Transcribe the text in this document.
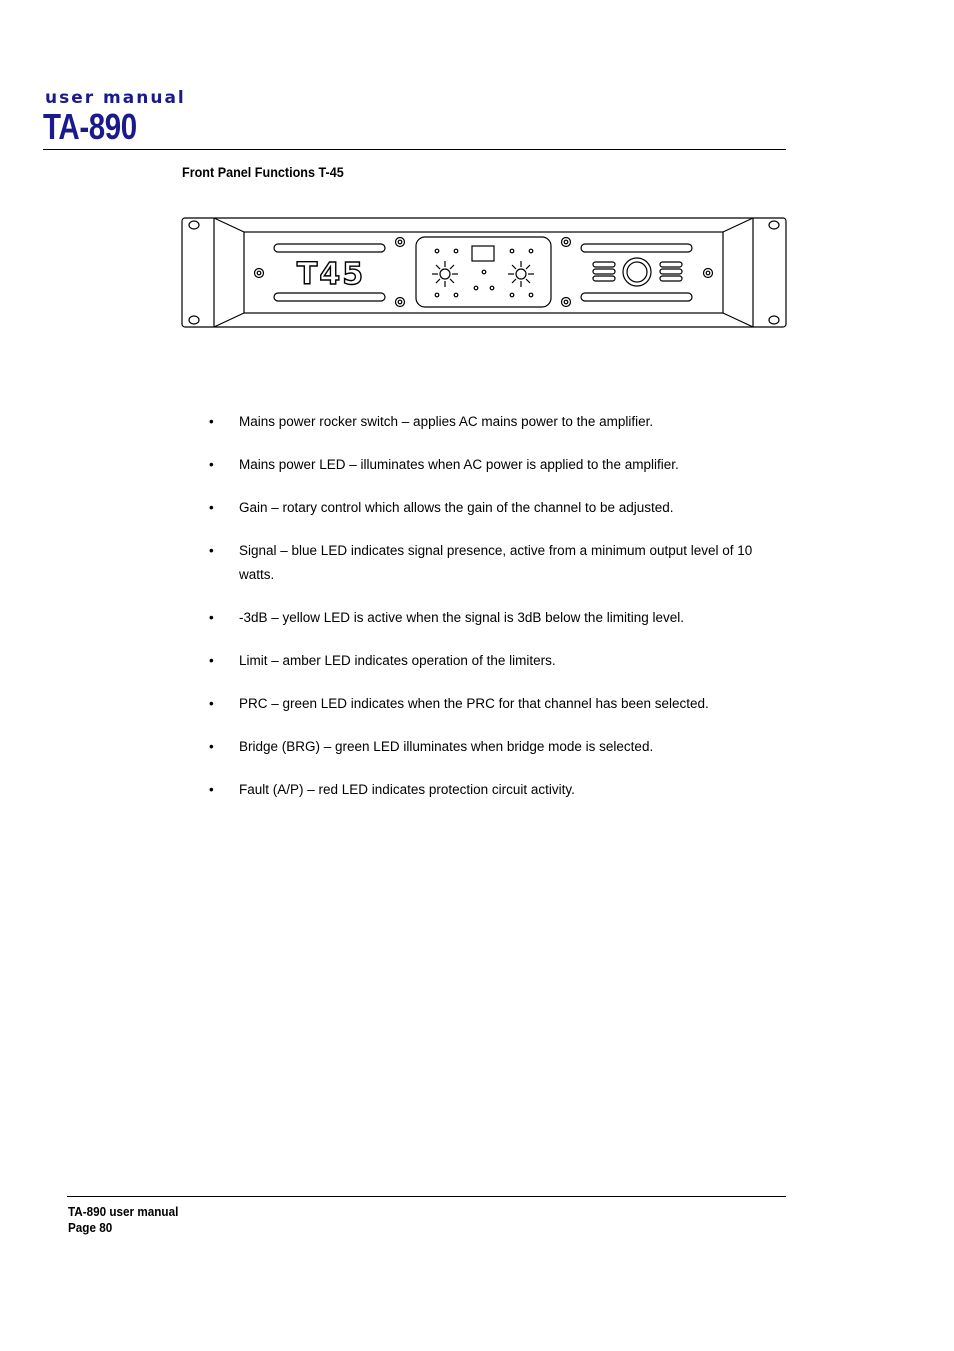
user manual
TA-890
Front Panel Functions T-45
T45
• Mains power rocker switch – applies AC mains power to the amplifier.
• Mains power LED – illuminates when AC power is applied to the amplifier.
• Gain – rotary control which allows the gain of the channel to be adjusted.
• Signal – blue LED indicates signal presence, active from a minimum output level of 10 watts.
• -3dB – yellow LED is active when the signal is 3dB below the limiting level.
• Limit – amber LED indicates operation of the limiters.
• PRC – green LED indicates when the PRC for that channel has been selected.
• Bridge (BRG) – green LED illuminates when bridge mode is selected.
• Fault (A/P) – red LED indicates protection circuit activity.
TA-890 user manual
Page 80
